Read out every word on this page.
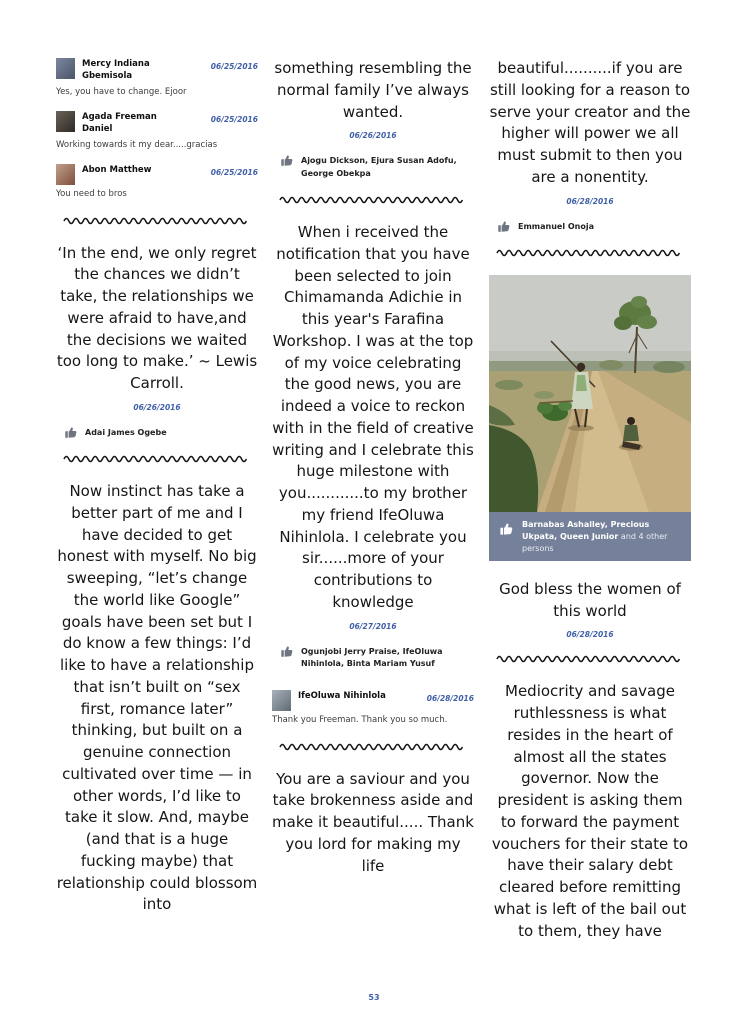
Mercy Indiana Gbemisola
06/25/2016
Yes, you have to change. Ejoor
Agada Freeman Daniel
06/25/2016
Working towards it my dear.....gracias
Abon Matthew	06/25/2016
You need to bros
‘In the end, we only regret the chances we didn’t take, the relationships we were afraid to have,and the decisions we waited too long to make.’ ~ Lewis Carroll.
06/26/2016
Adai James Ogebe
Now instinct has take a better part of me and I have decided to get honest with myself. No big sweeping, “let’s change the world like Google” goals have been set but I do know a few things: I’d like to have a relationship that isn’t built on “sex first, romance later” thinking, but built on a genuine connection cultivated over time — in other words, I’d like to take it slow. And, maybe (and that is a huge fucking maybe) that relationship could blossom into
something resembling the normal family I’ve always wanted.
06/26/2016
Ajogu Dickson, Ejura Susan Adofu, George Obekpa
When i received the notification that you have been selected to join Chimamanda Adichie in this year's Farafina Workshop. I was at the top of my voice celebrating the good news, you are indeed a voice to reckon with in the field of creative writing and I celebrate this huge milestone with you............to my brother my friend IfeOluwa Nihinlola. I celebrate you sir......more of your contributions to knowledge
06/27/2016
Ogunjobi Jerry Praise, IfeOluwa Nihinlola, Binta Mariam Yusuf
IfeOluwa Nihinlola	06/28/2016
Thank you Freeman. Thank you so much.
You are a saviour and you take brokenness aside and make it beautiful..... Thank you lord for making my life
beautiful..........if you are still looking for a reason to serve your creator and the higher will power we all must submit to then you are a nonentity.
06/28/2016
Emmanuel Onoja
Barnabas Ashalley, Precious Ukpata, Queen Junior and 4 other persons
God bless the women of this world
06/28/2016
Mediocrity and savage ruthlessness is what resides in the heart of almost all the states governor. Now the president is asking them to forward the payment vouchers for their state to have their salary debt cleared before remitting what is left of the bail out to them, they have
53
